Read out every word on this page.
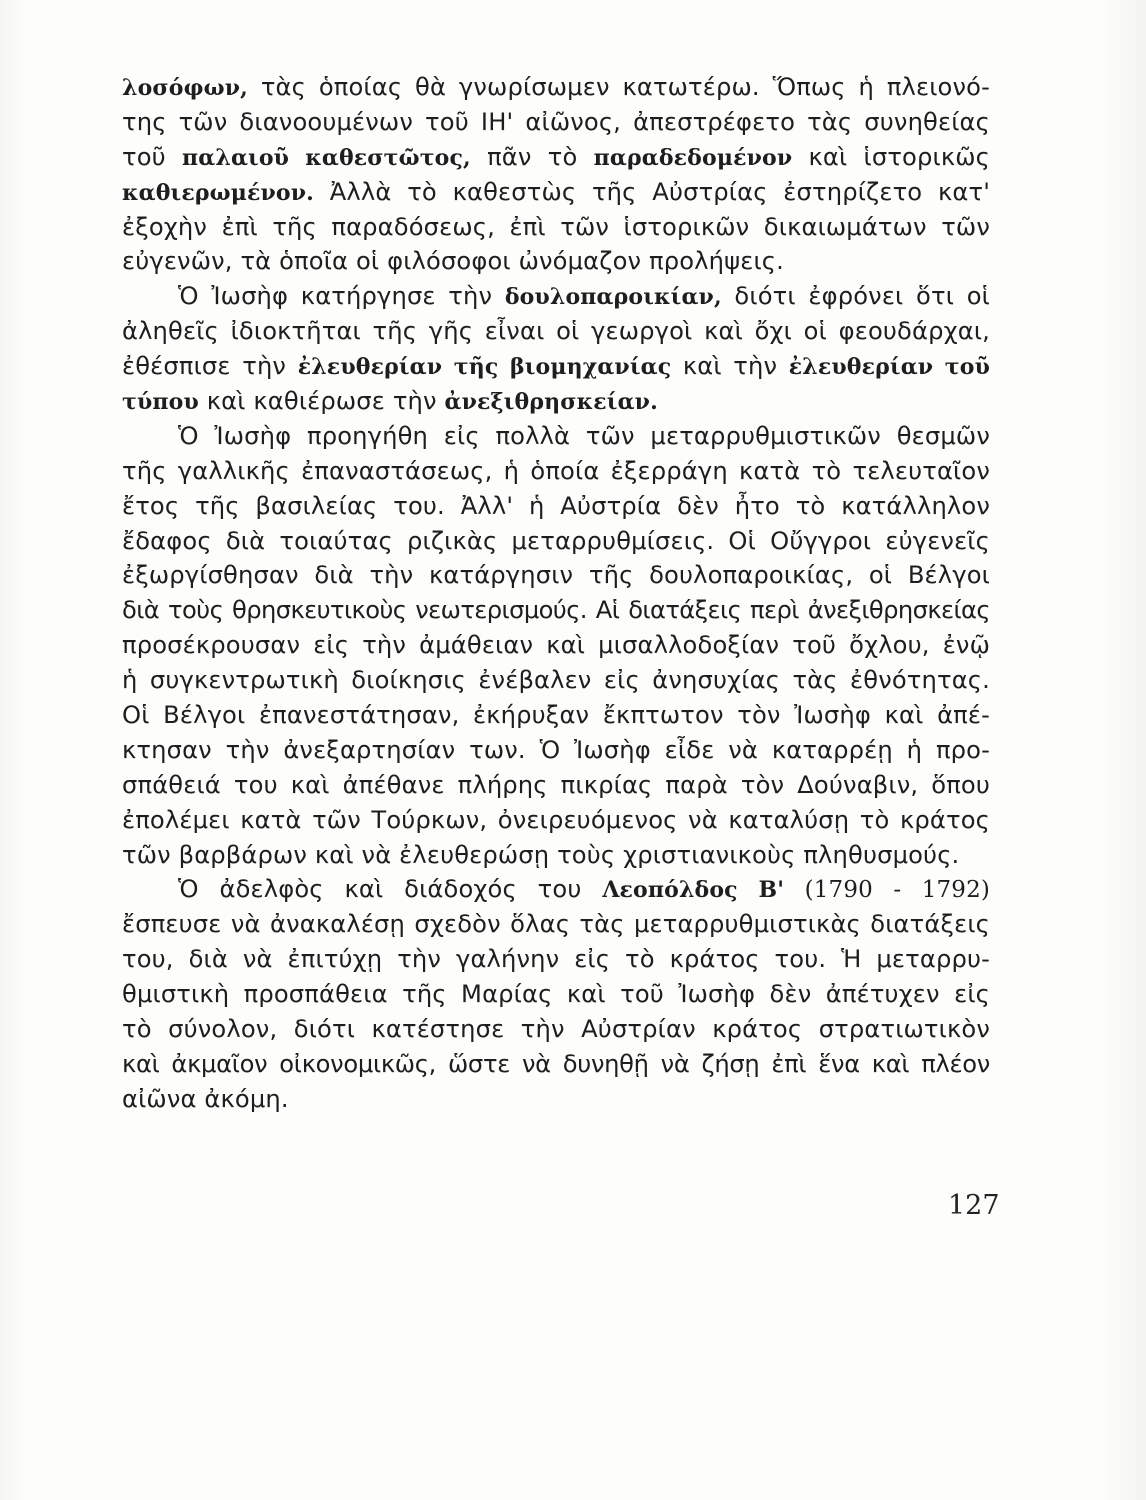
λοσόφων, τὰς ὁποίας θὰ γνωρίσωμεν κατωτέρω. Ὅπως ἡ πλειονό-
της τῶν διανοουμένων τοῦ ΙΗ' αἰῶνος, ἀπεστρέφετο τὰς συνηθείας
τοῦ παλαιοῦ καθεστῶτος, πᾶν τὸ παραδεδομένον καὶ ἱστορικῶς
καθιερωμένον. Ἀλλὰ τὸ καθεστὼς τῆς Αὐστρίας ἐστηρίζετο κατ'
ἐξοχὴν ἐπὶ τῆς παραδόσεως, ἐπὶ τῶν ἱστορικῶν δικαιωμάτων τῶν
εὐγενῶν, τὰ ὁποῖα οἱ φιλόσοφοι ὠνόμαζον προλήψεις.
Ὁ Ἰωσὴφ κατήργησε τὴν δουλοπαροικίαν, διότι ἐφρόνει ὅτι οἱ
ἀληθεῖς ἰδιοκτῆται τῆς γῆς εἶναι οἱ γεωργοὶ καὶ ὄχι οἱ φεουδάρχαι,
ἐθέσπισε τὴν ἐλευθερίαν τῆς βιομηχανίας καὶ τὴν ἐλευθερίαν τοῦ
τύπου καὶ καθιέρωσε τὴν ἀνεξιθρησκείαν.
Ὁ Ἰωσὴφ προηγήθη εἰς πολλὰ τῶν μεταρρυθμιστικῶν θεσμῶν
τῆς γαλλικῆς ἐπαναστάσεως, ἡ ὁποία ἐξερράγη κατὰ τὸ τελευταῖον
ἔτος τῆς βασιλείας του. Ἀλλ' ἡ Αὐστρία δὲν ἦτο τὸ κατάλληλον
ἔδαφος διὰ τοιαύτας ριζικὰς μεταρρυθμίσεις. Οἱ Οὔγγροι εὐγενεῖς
ἐξωργίσθησαν διὰ τὴν κατάργησιν τῆς δουλοπαροικίας, οἱ Βέλγοι
διὰ τοὺς θρησκευτικοὺς νεωτερισμούς. Αἱ διατάξεις περὶ ἀνεξιθρησκείας
προσέκρουσαν εἰς τὴν ἀμάθειαν καὶ μισαλλοδοξίαν τοῦ ὄχλου, ἐνῷ
ἡ συγκεντρωτικὴ διοίκησις ἐνέβαλεν εἰς ἀνησυχίας τὰς ἐθνότητας.
Οἱ Βέλγοι ἐπανεστάτησαν, ἐκήρυξαν ἔκπτωτον τὸν Ἰωσὴφ καὶ ἀπέ-
κτησαν τὴν ἀνεξαρτησίαν των. Ὁ Ἰωσὴφ εἶδε νὰ καταρρέῃ ἡ προ-
σπάθειά του καὶ ἀπέθανε πλήρης πικρίας παρὰ τὸν Δούναβιν, ὅπου
ἐπολέμει κατὰ τῶν Τούρκων, ὀνειρευόμενος νὰ καταλύσῃ τὸ κράτος
τῶν βαρβάρων καὶ νὰ ἐλευθερώσῃ τοὺς χριστιανικοὺς πληθυσμούς.
Ὁ ἀδελφὸς καὶ διάδοχός του Λεοπόλδος Β' (1790 - 1792)
ἔσπευσε νὰ ἀνακαλέσῃ σχεδὸν ὅλας τὰς μεταρρυθμιστικὰς διατάξεις
του, διὰ νὰ ἐπιτύχῃ τὴν γαλήνην εἰς τὸ κράτος του. Ἡ μεταρρυ-
θμιστικὴ προσπάθεια τῆς Μαρίας καὶ τοῦ Ἰωσὴφ δὲν ἀπέτυχεν εἰς
τὸ σύνολον, διότι κατέστησε τὴν Αὐστρίαν κράτος στρατιωτικὸν
καὶ ἀκμαῖον οἰκονομικῶς, ὥστε νὰ δυνηθῇ νὰ ζήσῃ ἐπὶ ἕνα καὶ πλέον
αἰῶνα ἀκόμη.
127
